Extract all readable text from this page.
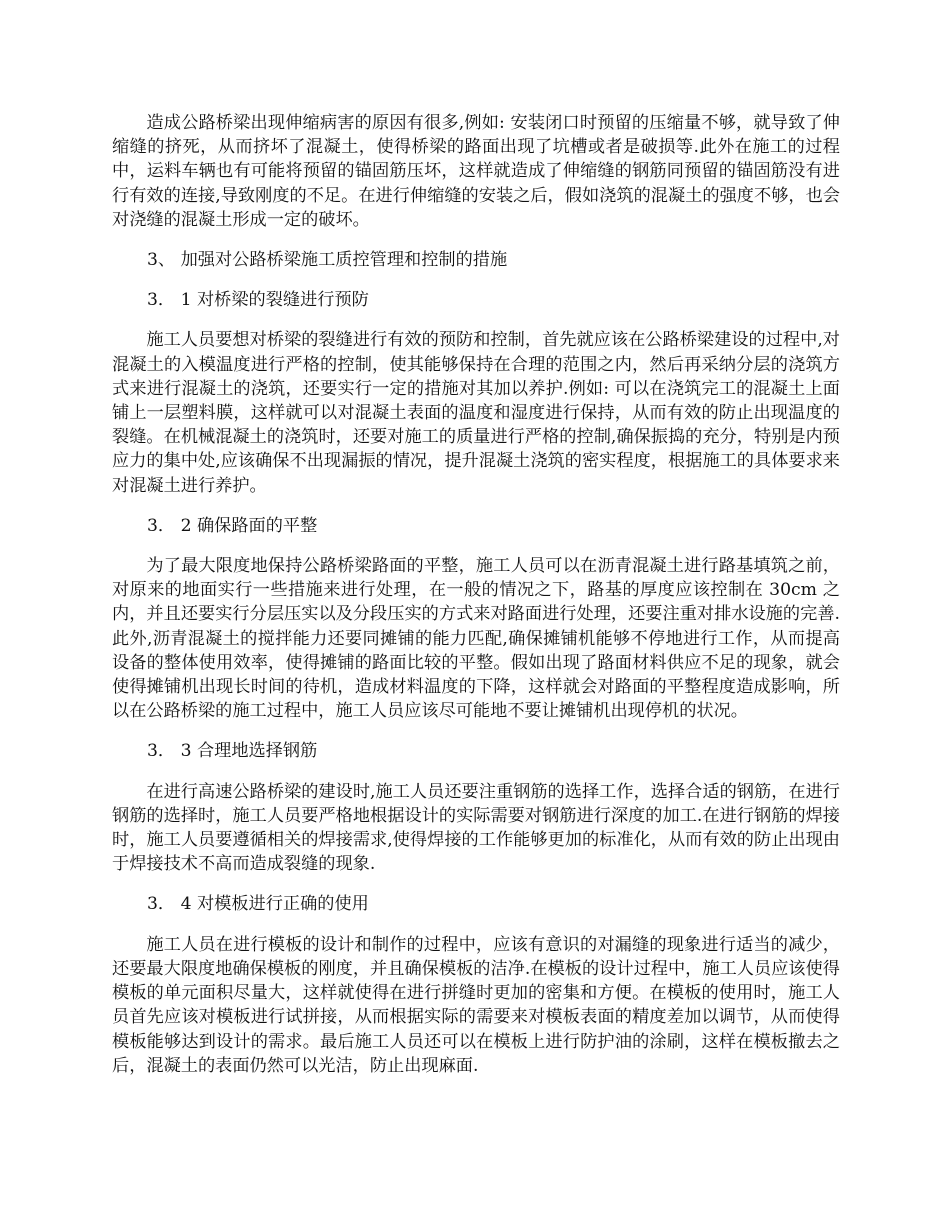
造成公路桥梁出现伸缩病害的原因有很多,例如: 安装闭口时预留的压缩量不够，就导致了伸缩缝的挤死，从而挤坏了混凝土，使得桥梁的路面出现了坑槽或者是破损等.此外在施工的过程中，运料车辆也有可能将预留的锚固筋压坏，这样就造成了伸缩缝的钢筋同预留的锚固筋没有进行有效的连接,导致刚度的不足。在进行伸缩缝的安装之后，假如浇筑的混凝土的强度不够，也会对浇缝的混凝土形成一定的破坏。

3、 加强对公路桥梁施工质控管理和控制的措施

3． 1 对桥梁的裂缝进行预防

施工人员要想对桥梁的裂缝进行有效的预防和控制，首先就应该在公路桥梁建设的过程中,对混凝土的入模温度进行严格的控制，使其能够保持在合理的范围之内，然后再采纳分层的浇筑方式来进行混凝土的浇筑，还要实行一定的措施对其加以养护.例如: 可以在浇筑完工的混凝土上面铺上一层塑料膜，这样就可以对混凝土表面的温度和湿度进行保持，从而有效的防止出现温度的裂缝。在机械混凝土的浇筑时，还要对施工的质量进行严格的控制,确保振捣的充分，特别是内预应力的集中处,应该确保不出现漏振的情况，提升混凝土浇筑的密实程度，根据施工的具体要求来对混凝土进行养护。

3． 2 确保路面的平整

为了最大限度地保持公路桥梁路面的平整，施工人员可以在沥青混凝土进行路基填筑之前，对原来的地面实行一些措施来进行处理，在一般的情况之下，路基的厚度应该控制在 30cm 之内，并且还要实行分层压实以及分段压实的方式来对路面进行处理，还要注重对排水设施的完善.此外,沥青混凝土的搅拌能力还要同摊铺的能力匹配,确保摊铺机能够不停地进行工作，从而提高设备的整体使用效率，使得摊铺的路面比较的平整。假如出现了路面材料供应不足的现象，就会使得摊铺机出现长时间的待机，造成材料温度的下降，这样就会对路面的平整程度造成影响，所以在公路桥梁的施工过程中，施工人员应该尽可能地不要让摊铺机出现停机的状况。

3． 3 合理地选择钢筋

在进行高速公路桥梁的建设时,施工人员还要注重钢筋的选择工作，选择合适的钢筋，在进行钢筋的选择时，施工人员要严格地根据设计的实际需要对钢筋进行深度的加工.在进行钢筋的焊接时，施工人员要遵循相关的焊接需求,使得焊接的工作能够更加的标准化，从而有效的防止出现由于焊接技术不高而造成裂缝的现象.

3． 4 对模板进行正确的使用

施工人员在进行模板的设计和制作的过程中，应该有意识的对漏缝的现象进行适当的减少，还要最大限度地确保模板的刚度，并且确保模板的洁净.在模板的设计过程中，施工人员应该使得模板的单元面积尽量大，这样就使得在进行拼缝时更加的密集和方便。在模板的使用时，施工人员首先应该对模板进行试拼接，从而根据实际的需要来对模板表面的精度差加以调节，从而使得模板能够达到设计的需求。最后施工人员还可以在模板上进行防护油的涂刷，这样在模板撤去之后，混凝土的表面仍然可以光洁，防止出现麻面.
